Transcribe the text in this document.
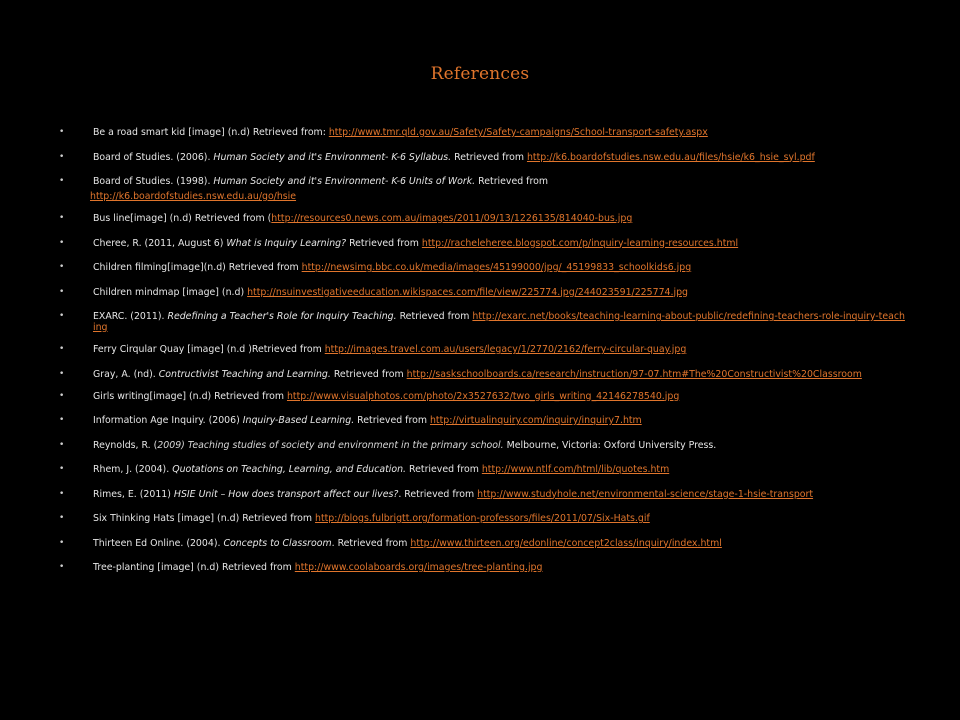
References
•	Be a road smart kid [image] (n.d) Retrieved from: http://www.tmr.qld.gov.au/Safety/Safety-campaigns/School-transport-safety.aspx
•	Board of Studies. (2006). Human Society and it's Environment- K-6 Syllabus. Retrieved from http://k6.boardofstudies.nsw.edu.au/files/hsie/k6_hsie_syl.pdf
•	Board of Studies. (1998). Human Society and it's Environment- K-6 Units of Work. Retrieved from
http://k6.boardofstudies.nsw.edu.au/go/hsie
•	Bus line[image] (n.d) Retrieved from (http://resources0.news.com.au/images/2011/09/13/1226135/814040-bus.jpg
•	Cheree, R. (2011, August 6) What is Inquiry Learning? Retrieved from http://racheleheree.blogspot.com/p/inquiry-learning-resources.html
•	Children filming[image](n.d) Retrieved from http://newsimg.bbc.co.uk/media/images/45199000/jpg/_45199833_schoolkids6.jpg
•	Children mindmap [image] (n.d) http://nsuinvestigativeeducation.wikispaces.com/file/view/225774.jpg/244023591/225774.jpg
•	EXARC. (2011). Redefining a Teacher's Role for Inquiry Teaching. Retrieved from http://exarc.net/books/teaching-learning-about-public/redefining-teachers-role-inquiry-teaching
•	Ferry Cirqular Quay [image] (n.d )Retrieved from http://images.travel.com.au/users/legacy/1/2770/2162/ferry-circular-quay.jpg
•	Gray, A. (nd). Contructivist Teaching and Learning. Retrieved from http://saskschoolboards.ca/research/instruction/97-07.htm#The%20Constructivist%20Classroom
•	Girls writing[image] (n.d) Retrieved from http://www.visualphotos.com/photo/2x3527632/two_girls_writing_42146278540.jpg
•	Information Age Inquiry. (2006) Inquiry-Based Learning. Retrieved from http://virtualinquiry.com/inquiry/inquiry7.htm
•	Reynolds, R. (2009) Teaching studies of society and environment in the primary school. Melbourne, Victoria: Oxford University Press.
•	Rhem, J. (2004). Quotations on Teaching, Learning, and Education. Retrieved from http://www.ntlf.com/html/lib/quotes.htm
•	Rimes, E. (2011) HSIE Unit – How does transport affect our lives?. Retrieved from http://www.studyhole.net/environmental-science/stage-1-hsie-transport
•	Six Thinking Hats [image] (n.d) Retrieved from http://blogs.fulbrigtt.org/formation-professors/files/2011/07/Six-Hats.gif
•	Thirteen Ed Online. (2004). Concepts to Classroom. Retrieved from http://www.thirteen.org/edonline/concept2class/inquiry/index.html
•	Tree-planting [image] (n.d) Retrieved from http://www.coolaboards.org/images/tree-planting.jpg
